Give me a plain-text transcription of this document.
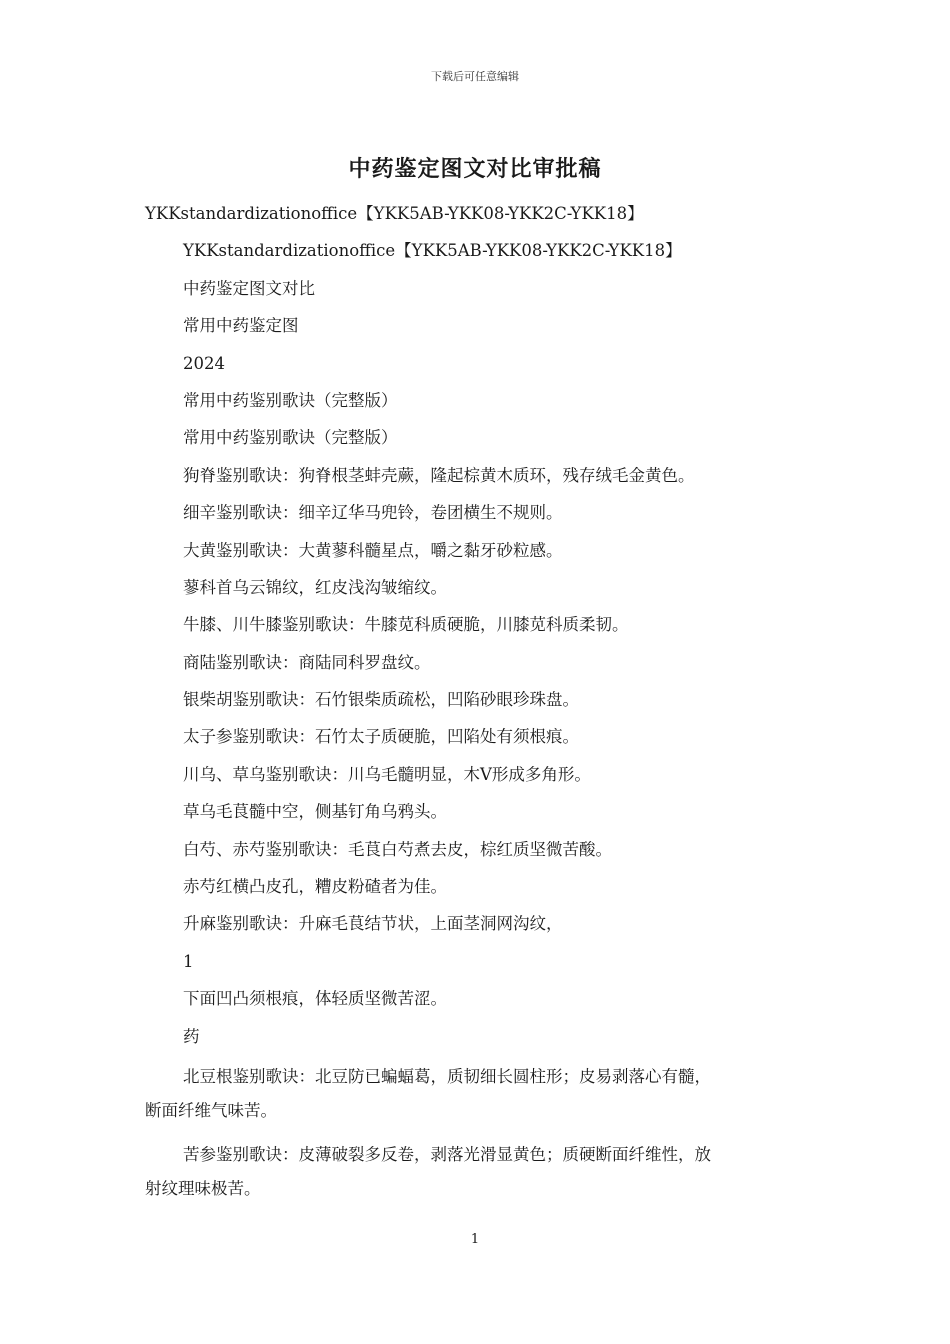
下载后可任意编辑
中药鉴定图文对比审批稿
YKKstandardizationoffice【YKK5AB-YKK08-YKK2C-YKK18】
YKKstandardizationoffice【YKK5AB-YKK08-YKK2C-YKK18】
中药鉴定图文对比
常用中药鉴定图
2024
常用中药鉴别歌诀（完整版）
常用中药鉴别歌诀（完整版）
狗脊鉴别歌诀：狗脊根茎蚌壳蕨，隆起棕黄木质环，残存绒毛金黄色。
细辛鉴别歌诀：细辛辽华马兜铃，卷团横生不规则。
大黄鉴别歌诀：大黄蓼科髓星点，嚼之黏牙砂粒感。
蓼科首乌云锦纹，红皮浅沟皱缩纹。
牛膝、川牛膝鉴别歌诀：牛膝苋科质硬脆，川膝苋科质柔韧。
商陆鉴别歌诀：商陆同科罗盘纹。
银柴胡鉴别歌诀：石竹银柴质疏松，凹陷砂眼珍珠盘。
太子参鉴别歌诀：石竹太子质硬脆，凹陷处有须根痕。
川乌、草乌鉴别歌诀：川乌毛髓明显，木V形成多角形。
草乌毛茛髓中空，侧基钉角乌鸦头。
白芍、赤芍鉴别歌诀：毛茛白芍煮去皮，棕红质坚微苦酸。
赤芍红横凸皮孔，糟皮粉碴者为佳。
升麻鉴别歌诀：升麻毛茛结节状，上面茎洞网沟纹，
1
下面凹凸须根痕，体轻质坚微苦涩。
药
北豆根鉴别歌诀：北豆防已蝙蝠葛，质韧细长圆柱形；皮易剥落心有髓，
断面纤维气味苦。
苦参鉴别歌诀：皮薄破裂多反卷，剥落光滑显黄色；质硬断面纤维性，放
射纹理味极苦。
1
